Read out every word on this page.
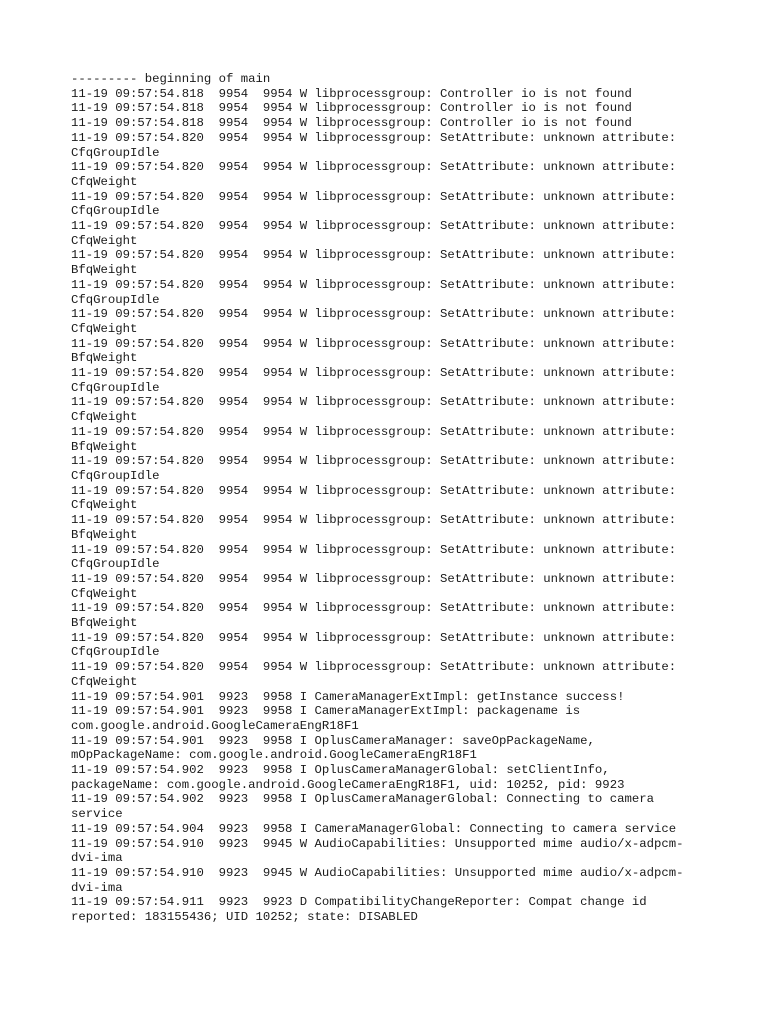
--------- beginning of main
11-19 09:57:54.818  9954  9954 W libprocessgroup: Controller io is not found
11-19 09:57:54.818  9954  9954 W libprocessgroup: Controller io is not found
11-19 09:57:54.818  9954  9954 W libprocessgroup: Controller io is not found
11-19 09:57:54.820  9954  9954 W libprocessgroup: SetAttribute: unknown attribute:
CfqGroupIdle
11-19 09:57:54.820  9954  9954 W libprocessgroup: SetAttribute: unknown attribute:
CfqWeight
11-19 09:57:54.820  9954  9954 W libprocessgroup: SetAttribute: unknown attribute:
CfqGroupIdle
11-19 09:57:54.820  9954  9954 W libprocessgroup: SetAttribute: unknown attribute:
CfqWeight
11-19 09:57:54.820  9954  9954 W libprocessgroup: SetAttribute: unknown attribute:
BfqWeight
11-19 09:57:54.820  9954  9954 W libprocessgroup: SetAttribute: unknown attribute:
CfqGroupIdle
11-19 09:57:54.820  9954  9954 W libprocessgroup: SetAttribute: unknown attribute:
CfqWeight
11-19 09:57:54.820  9954  9954 W libprocessgroup: SetAttribute: unknown attribute:
BfqWeight
11-19 09:57:54.820  9954  9954 W libprocessgroup: SetAttribute: unknown attribute:
CfqGroupIdle
11-19 09:57:54.820  9954  9954 W libprocessgroup: SetAttribute: unknown attribute:
CfqWeight
11-19 09:57:54.820  9954  9954 W libprocessgroup: SetAttribute: unknown attribute:
BfqWeight
11-19 09:57:54.820  9954  9954 W libprocessgroup: SetAttribute: unknown attribute:
CfqGroupIdle
11-19 09:57:54.820  9954  9954 W libprocessgroup: SetAttribute: unknown attribute:
CfqWeight
11-19 09:57:54.820  9954  9954 W libprocessgroup: SetAttribute: unknown attribute:
BfqWeight
11-19 09:57:54.820  9954  9954 W libprocessgroup: SetAttribute: unknown attribute:
CfqGroupIdle
11-19 09:57:54.820  9954  9954 W libprocessgroup: SetAttribute: unknown attribute:
CfqWeight
11-19 09:57:54.820  9954  9954 W libprocessgroup: SetAttribute: unknown attribute:
BfqWeight
11-19 09:57:54.820  9954  9954 W libprocessgroup: SetAttribute: unknown attribute:
CfqGroupIdle
11-19 09:57:54.820  9954  9954 W libprocessgroup: SetAttribute: unknown attribute:
CfqWeight
11-19 09:57:54.901  9923  9958 I CameraManagerExtImpl: getInstance success!
11-19 09:57:54.901  9923  9958 I CameraManagerExtImpl: packagename is
com.google.android.GoogleCameraEngR18F1
11-19 09:57:54.901  9923  9958 I OplusCameraManager: saveOpPackageName,
mOpPackageName: com.google.android.GoogleCameraEngR18F1
11-19 09:57:54.902  9923  9958 I OplusCameraManagerGlobal: setClientInfo,
packageName: com.google.android.GoogleCameraEngR18F1, uid: 10252, pid: 9923
11-19 09:57:54.902  9923  9958 I OplusCameraManagerGlobal: Connecting to camera
service
11-19 09:57:54.904  9923  9958 I CameraManagerGlobal: Connecting to camera service
11-19 09:57:54.910  9923  9945 W AudioCapabilities: Unsupported mime audio/x-adpcm-
dvi-ima
11-19 09:57:54.910  9923  9945 W AudioCapabilities: Unsupported mime audio/x-adpcm-
dvi-ima
11-19 09:57:54.911  9923  9923 D CompatibilityChangeReporter: Compat change id
reported: 183155436; UID 10252; state: DISABLED
